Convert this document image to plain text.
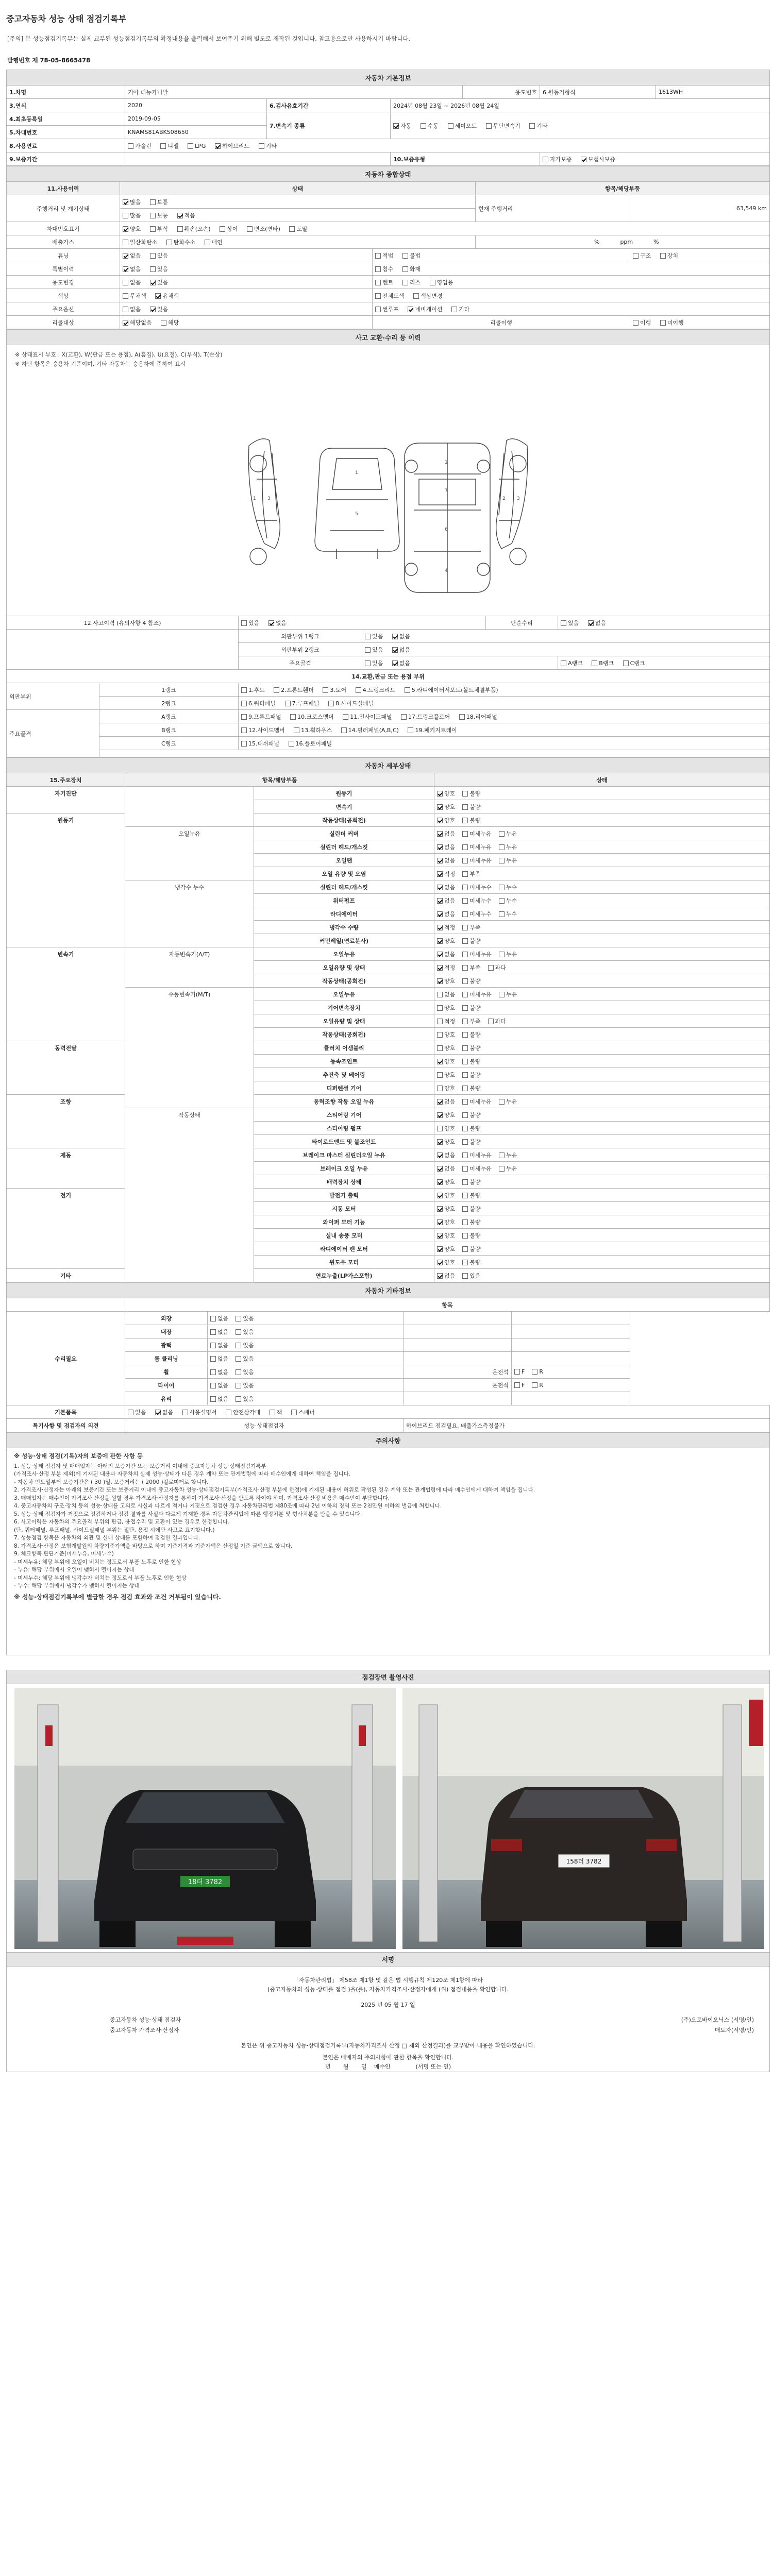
중고자동차 성능 상태 점검기록부
[주의] 본 성능점검기록부는 실제 교부된 성능점검기록부의 확정내용을 출력해서 보여주기 위해 별도로 제작된 것입니다. 참고용으로만 사용하시기 바랍니다.
발행번호 제 78-05-8665478
자동차 기본정보						
1.차명	기아 더뉴카니발			용도변호	6.원동기형식	1613WH
3.연식	2020	6.검사유효기간	2024년 08월 23일 ~ 2026년 08월 24일			
4.최초등록일	2019-09-05	7.변속기 종류	자동 수동 세미오토 무단변속기 기타			
5.차대번호	KNAMS81ABKS08650					
8.사용연료	가솔린 디젤 LPG 하이브리드 기타					
9.보증기간			10.보증유형		자가보증 보험사보증	
자동차 종합상태				
11.사용이력	상태		항목/해당부품	
주행거리 및 계기상태	많음 보통		현재 주행거리	63,549 km
	많음 보통 적음			
차대번호표기	양호 부식 훼손(오손) 상이 변조(변타) 도말			
배출가스	일산화탄소 탄화수소 매연		% ppm %	
튜닝	없음 있음	적법 불법		구조 장치
특별이력	없음 있음	침수 화재		
용도변경	없음 있음	렌트 리스 영업용		
색상	무채색 유채색	전체도색 색상변경		
주요옵션	없음 있음	썬루프 네비게이션 기타		
리콜대상	해당없음 해당	리콜이행		이행 미이행
사고 교환·수리 등 이력
※ 상태표시 부호 : X(교환), W(판금 또는 용접), A(흠집), U(요철), C(부식), T(손상)
※ 하단 항목은 승용차 기준이며, 기타 자동차는 승용차에 준하여 표시
1 3
1
5
1
7
6
4
3
2
12.사고이력 (유의사항 4 참조)		있음 없음		단순수리	있음 없음
		외판부위 1랭크	있음 없음		
		외판부위 2랭크	있음 없음		
		주요골격	있음 없음		A랭크 B랭크 C랭크
14.교환,판금 또는 용접 부위					
외판부위	1랭크	1.후드 2.프론트휀더 3.도어 4.트렁크리드 5.라디에이터서포트(볼트체결부품)			
	2랭크	6.쿼터패널 7.루프패널 8.사이드실패널			
주요골격	A랭크	9.프론트패널 10.크로스멤버 11.인사이드패널 17.트렁크플로어 18.리어패널			
	B랭크	12.사이드멤버 13.휠하우스 14.필러패널(A,B,C) 19.패키지트레이			
	C랭크	15.대쉬패널 16.플로어패널			

자동차 세부상태			
15.주요장치	항목/해당부품		상태
자기진단		원동기	양호 불량
		변속기	양호 불량
원동기		작동상태(공회전)	양호 불량
	오일누유	실린더 커버	없음 미세누유 누유
		실린더 헤드/개스킷	없음 미세누유 누유
		오일팬	없음 미세누유 누유
		오일 유량 및 오염	적정 부족
	냉각수 누수	실린더 헤드/개스킷	없음 미세누수 누수
		워터펌프	없음 미세누수 누수
		라디에이터	없음 미세누수 누수
		냉각수 수량	적정 부족
		커먼레일(연료분사)	양호 불량
변속기	자동변속기(A/T)	오일누유	없음 미세누유 누유
		오일유량 및 상태	적정 부족 과다
		작동상태(공회전)	양호 불량
	수동변속기(M/T)	오일누유	없음 미세누유 누유
		기어변속장치	양호 불량
		오일유량 및 상태	적정 부족 과다
		작동상태(공회전)	양호 불량
동력전달		클러치 어셈블리	양호 불량
		등속조인트	양호 불량
		추진축 및 베어링	양호 불량
		디퍼렌셜 기어	양호 불량
조향		동력조향 작동 오일 누유	없음 미세누유 누유
	작동상태	스티어링 기어	양호 불량
		스티어링 펌프	양호 불량
		타이로드엔드 및 볼조인트	양호 불량
제동		브레이크 마스터 실린더오일 누유	없음 미세누유 누유
		브레이크 오일 누유	없음 미세누유 누유
		배력장치 상태	양호 불량
전기		발전기 출력	양호 불량
		시동 모터	양호 불량
		와이퍼 모터 기능	양호 불량
		실내 송풍 모터	양호 불량
		라디에이터 팬 모터	양호 불량
		윈도우 모터	양호 불량
기타		연료누출(LP가스포함)	없음 있음
자동차 기타정보				
	항목			
수리필요	외장	없음 있음		
	내장	없음 있음		
	광택	없음 있음		
	룸 클리닝	없음 있음		
	휠	없음 있음	운전석	F R
	타이어	없음 있음	운전석	F R
	유리	없음 있음		
기본품목	있음 없음 사용설명서 안전삼각대 잭 스패너			
특기사항 및 점검자의 의견	성능·상태점검자		하이브리드 점검필요, 배출가스측정불가	
주의사항

※ 성능·상태 점검(기록)자의 보증에 관한 사항 등

1. 성능·상태 점검자 및 매매업자는 아래의 보증기간 또는 보증거리 이내에 중고자동차 성능·상태점검기록부

(가격조사·산정 부분 제외)에 기재된 내용과 자동차의 실제 성능·상태가 다른 경우 계약 또는 관계법령에 따라 매수인에게 대하여 책임을 집니다.

- 자동차 인도일부터 보증기간은 ( 30 )일, 보증거리는 ( 2000 )킬로미터로 합니다.

2. 가격조사·산정자는 아래의 보증기간 또는 보증거리 이내에 중고자동차 성능·상태점검기록부(가격조사·산정 부분에 한정)에 기재된 내용이 허위로 작성된 경우 계약 또는 관계법령에 따라 매수인에게 대하여 책임을 집니다.

3. 매매업자는 매수인이 가격조사·산정을 원할 경우 가격조사·산정자를 통하여 가격조사·산정을 받도록 하여야 하며, 가격조사·산정 비용은 매수인이 부담합니다.

4. 중고자동차의 구조·장치 등의 성능·상태를 고의로 사실과 다르게 적거나 거짓으로 점검한 경우 자동차관리법 제80조에 따라 2년 이하의 징역 또는 2천만원 이하의 벌금에 처합니다.

5. 성능·상태 점검자가 거짓으로 점검하거나 점검 결과를 사실과 다르게 기재한 경우 자동차관리법에 따른 행정처분 및 형사처분을 받을 수 있습니다.

6. 사고이력은 자동차의 주요골격 부위의 판금, 용접수리 및 교환이 있는 경우로 한정합니다.

(단, 쿼터패널, 루프패널, 사이드실패널 부위는 절단, 용접 시에만 사고로 표기합니다.)

7. 성능점검 항목은 자동차의 외관 및 실내 상태를 포함하여 점검한 결과입니다.

8. 가격조사·산정은 보험개발원의 차량기준가액을 바탕으로 하며 기준가격과 기준가액은 산정일 기준 금액으로 합니다.

9. 체크항목 판단기준(미세누유, 미세누수)

- 미세누유: 해당 부위에 오일이 비치는 정도로서 부품 노후로 인한 현상

- 누유: 해당 부위에서 오일이 맺혀서 떨어지는 상태

- 미세누수: 해당 부위에 냉각수가 비치는 정도로서 부품 노후로 인한 현상

- 누수: 해당 부위에서 냉각수가 맺혀서 떨어지는 상태

※ 성능·상태점검기록부에 별급할 경우 점검 효과와 조건 거부됨이 있습니다.

점검장면 촬영사진
18더 3782
158더 3782
서명
「자동차관리법」 제58조 제1항 및 같은 법 시행규칙 제120조 제1항에 따라
(중고자동차의 성능·상태를 점검 )을(를), 자동차가격조사·산정자에게 (위) 점검내용을 확인합니다.
2025 년 05 월 17 일
중고자동차 성능·상태 점검자	(주)오토바이오닉스 (서명/인)
중고자동차 가격조사·산정자	매도자(서명/인)
본인은 위 중고자동차 성능·상태점검기록부(자동차가격조사 산정 □ 제외 산정결과)를 교부받아 내용을 확인하였습니다.
본인은 매매자의 주의사항에 관한 항목을 확인합니다.
년 월 일 매수인	(서명 또는 인)
